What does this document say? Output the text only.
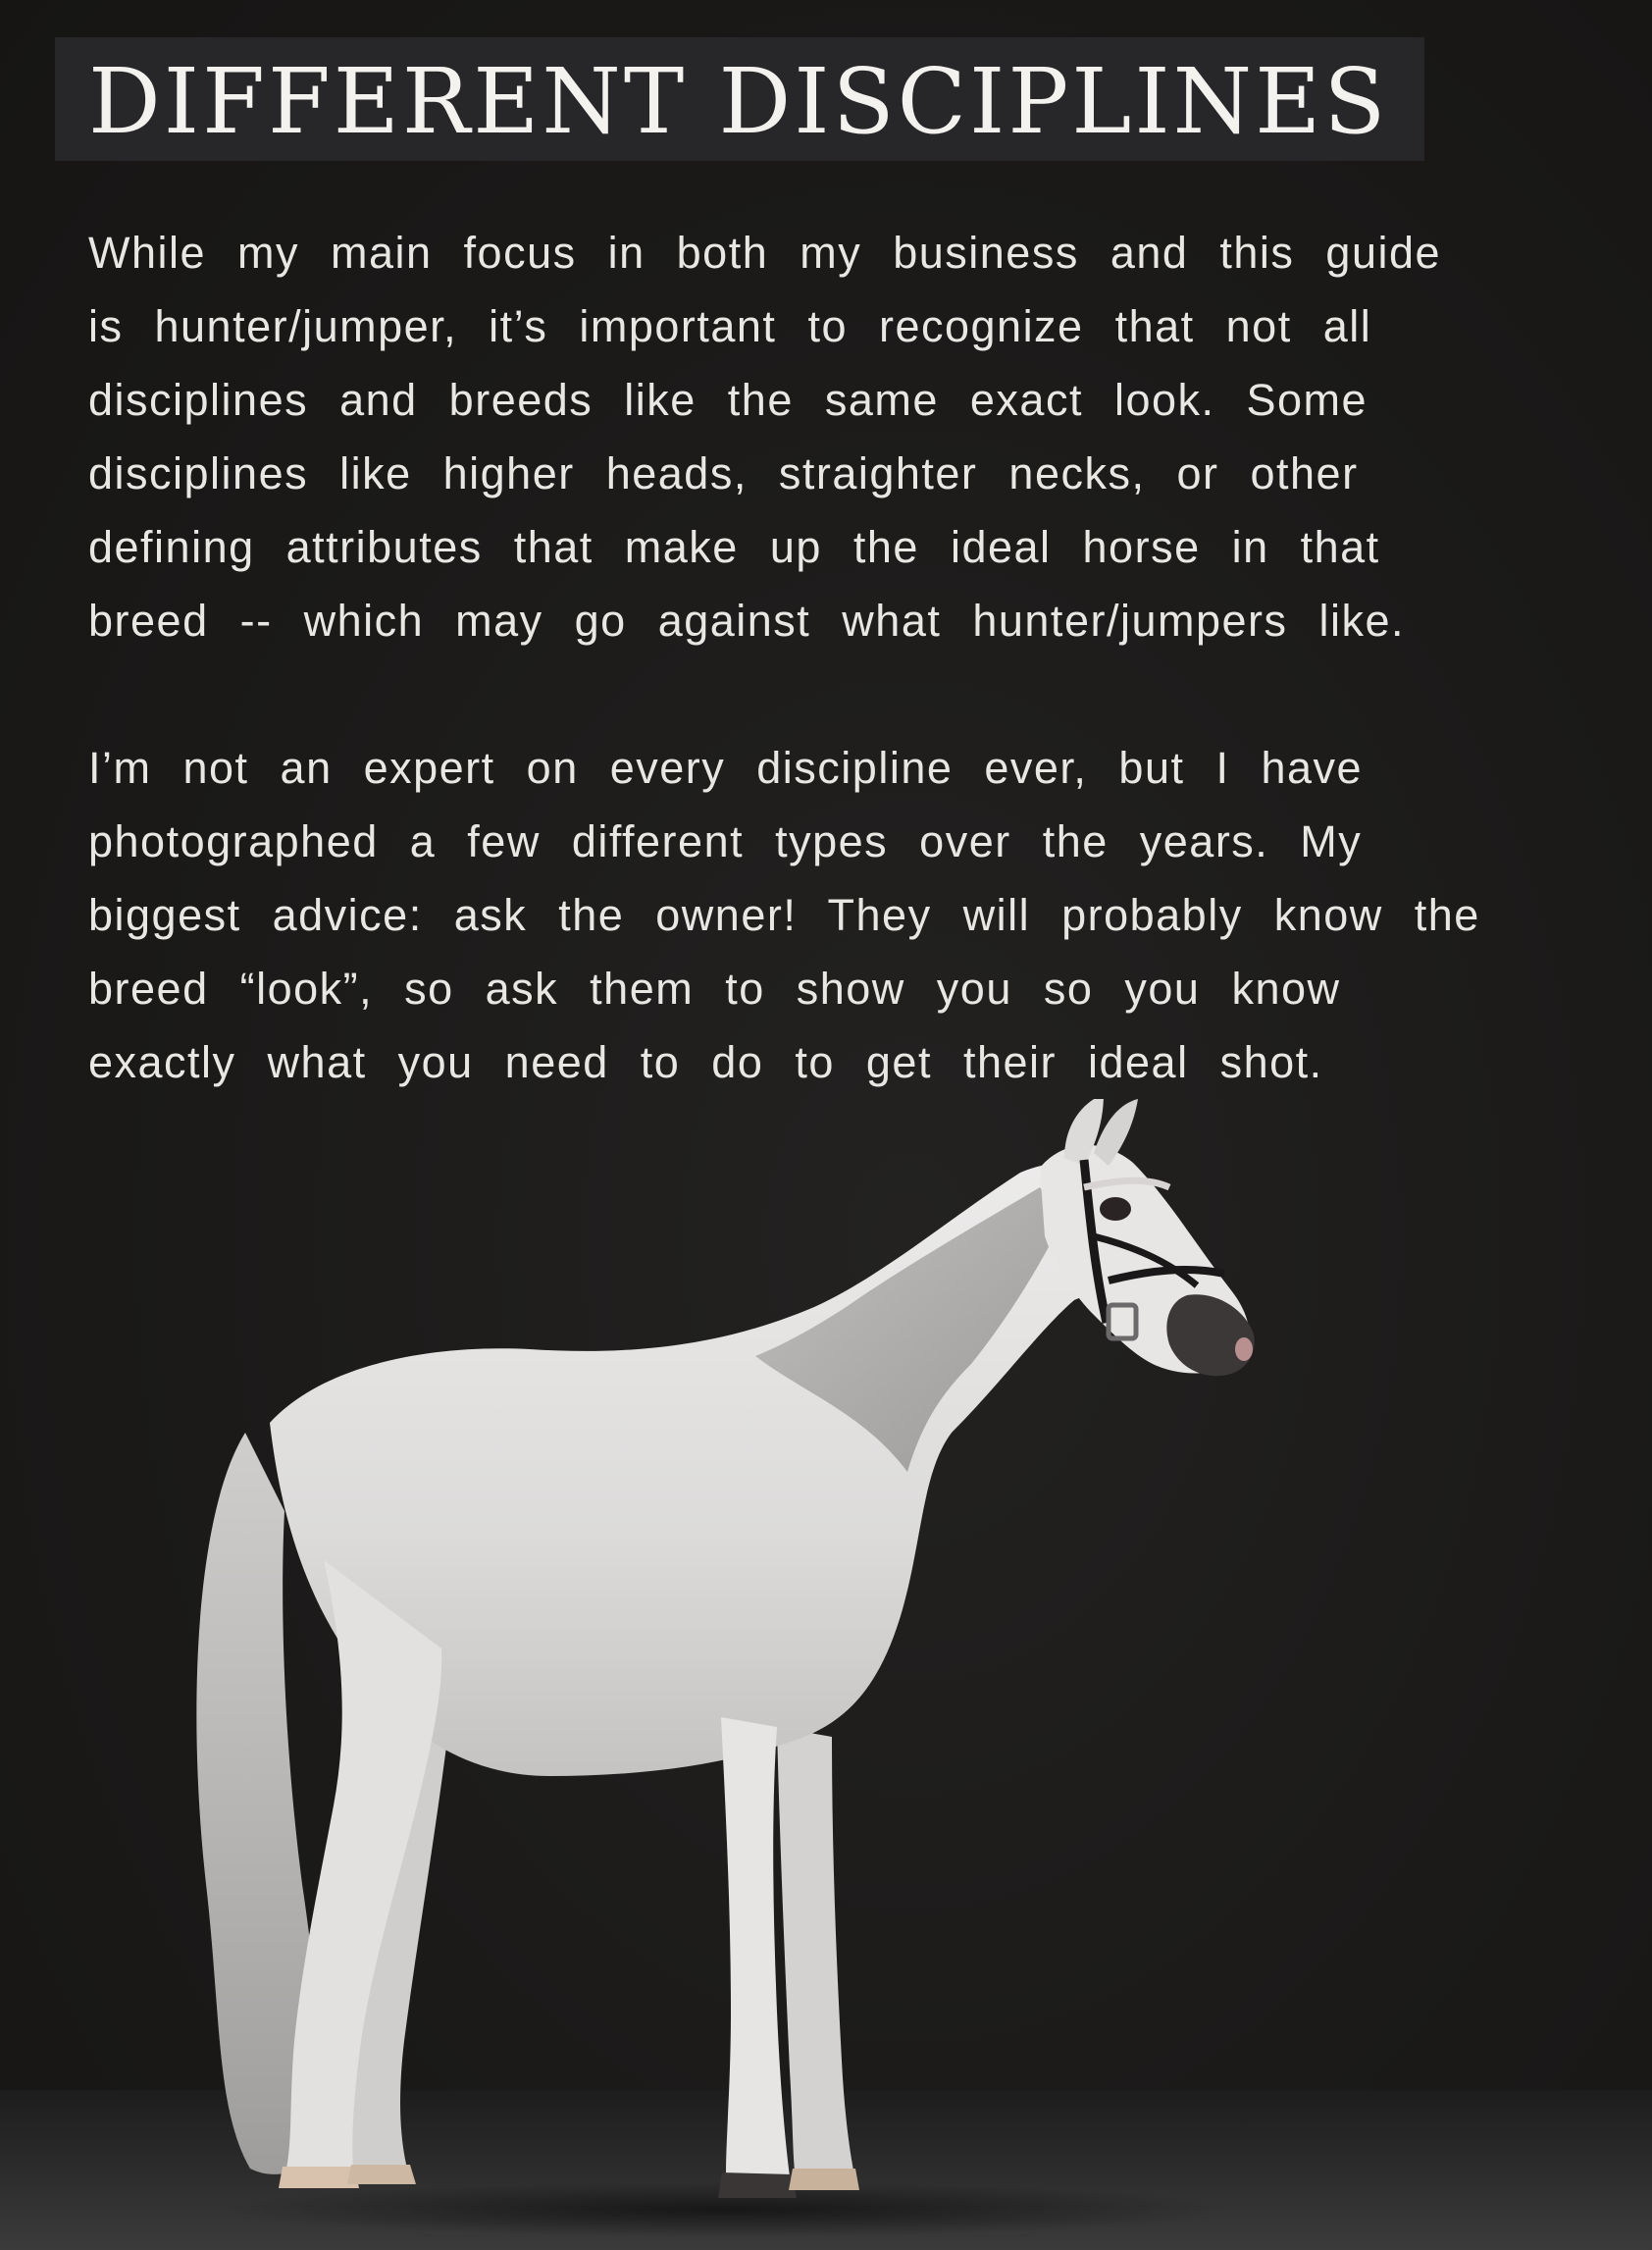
DIFFERENT DISCIPLINES

While my main focus in both my business and this guide
is hunter/jumper, it’s important to recognize that not all
disciplines and breeds like the same exact look. Some
disciplines like higher heads, straighter necks, or other
defining attributes that make up the ideal horse in that
breed -- which may go against what hunter/jumpers like.

I’m not an expert on every discipline ever, but I have
photographed a few different types over the years. My
biggest advice: ask the owner! They will probably know the
breed “look”, so ask them to show you so you know
exactly what you need to do to get their ideal shot.
